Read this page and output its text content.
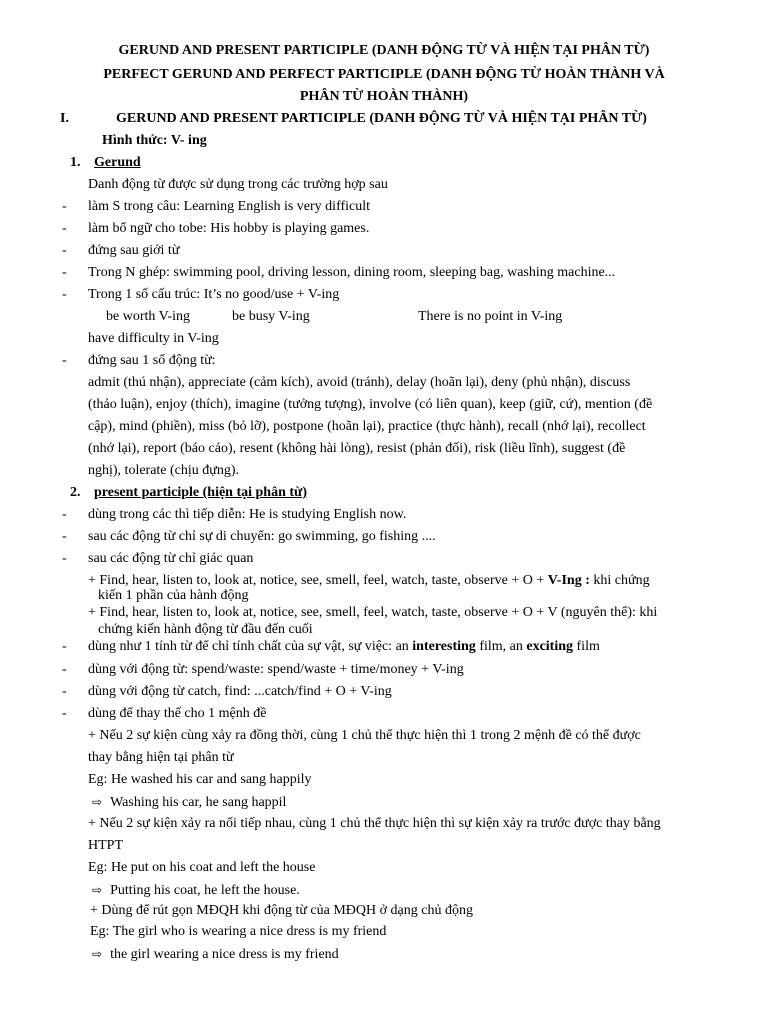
GERUND AND PRESENT PARTICIPLE (DANH ĐỘNG TỪ VÀ HIỆN TẠI PHÂN TỪ)
PERFECT GERUND AND PERFECT PARTICIPLE (DANH ĐỘNG TỪ HOÀN THÀNH VÀ
PHÂN TỪ HOÀN THÀNH)
I.	GERUND AND PRESENT PARTICIPLE (DANH ĐỘNG TỪ VÀ HIỆN TẠI PHÂN TỪ)
Hình thức: V- ing
1. Gerund
Danh động từ được sử dụng trong các trường hợp sau
- làm S trong câu: Learning English is very difficult
- làm bổ ngữ cho tobe: His hobby is playing games.
- đứng sau giới từ
- Trong N ghép: swimming pool, driving lesson, dining room, sleeping bag, washing machine...
- Trong 1 số cấu trúc: It’s no good/use + V-ing
be worth V-ing	be busy V-ing	There is no point in V-ing
have difficulty in V-ing
- đứng sau 1 số động từ:
admit (thú nhận), appreciate (cảm kích), avoid (tránh), delay (hoãn lại), deny (phủ nhận), discuss
(thảo luận), enjoy (thích), imagine (tưởng tượng), involve (có liên quan), keep (giữ, cứ), mention (đề
cập), mind (phiền), miss (bỏ lỡ), postpone (hoãn lại), practice (thực hành), recall (nhớ lại), recollect
(nhớ lại), report (báo cáo), resent (không hài lòng), resist (phản đối), risk (liều lĩnh), suggest (đề
nghị), tolerate (chịu đựng).
2. present participle (hiện tại phân từ)
- dùng trong các thì tiếp diễn: He is studying English now.
- sau các động từ chỉ sự di chuyển: go swimming, go fishing ....
- sau các động từ chỉ giác quan
+ Find, hear, listen to, look at, notice, see, smell, feel, watch, taste, observe + O + V-Ing : khi chứng
kiến 1 phần của hành động
+ Find, hear, listen to, look at, notice, see, smell, feel, watch, taste, observe + O + V (nguyên thể): khi
chứng kiến hành động từ đầu đến cuối
- dùng như 1 tính từ để chỉ tính chất của sự vật, sự việc: an interesting film, an exciting film
- dùng với động từ: spend/waste: spend/waste + time/money + V-ing
- dùng với động từ catch, find: ...catch/find + O + V-ing
- dùng để thay thế cho 1 mệnh đề
+ Nếu 2 sự kiện cùng xảy ra đồng thời, cùng 1 chủ thể thực hiện thì 1 trong 2 mệnh đề có thể được
thay bằng hiện tại phân từ
Eg: He washed his car and sang happily
⇨ Washing his car, he sang happil
+ Nếu 2 sự kiện xảy ra nối tiếp nhau, cùng 1 chủ thể thực hiện thì sự kiện xảy ra trước được thay bằng
HTPT
Eg: He put on his coat and left the house
⇨ Putting his coat, he left the house.
+ Dùng để rút gọn MĐQH khi động từ của MĐQH ở dạng chủ động
Eg: The girl who is wearing a nice dress is my friend
⇨ the girl wearing a nice dress is my friend
